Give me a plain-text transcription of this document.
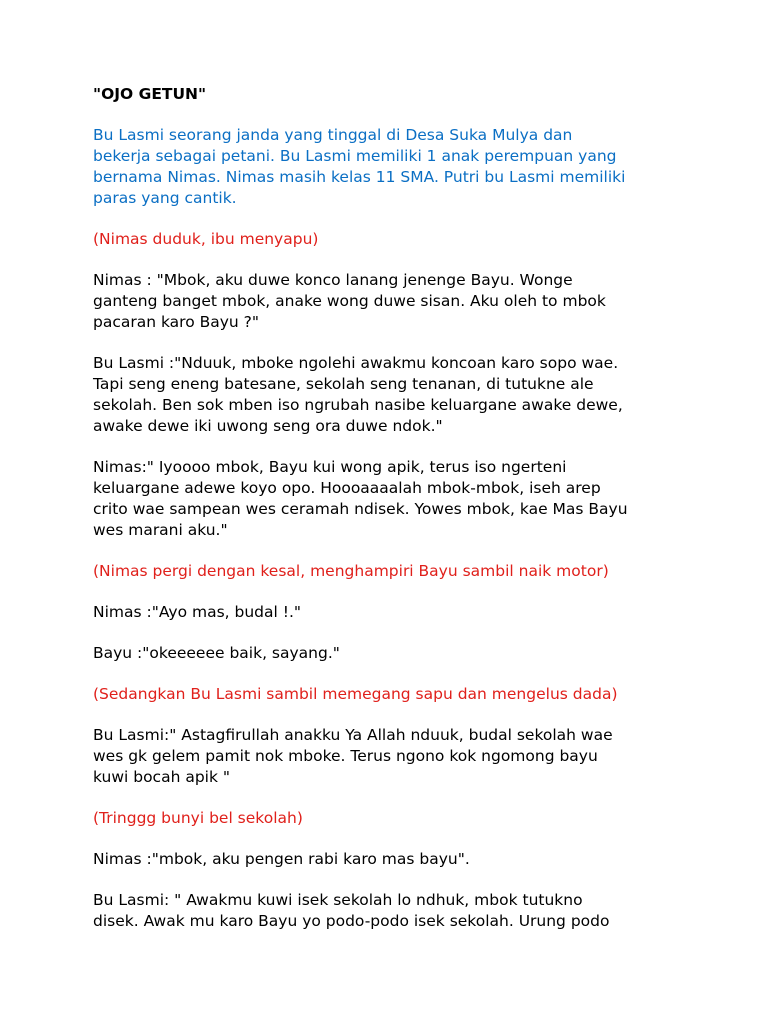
"OJO GETUN"
Bu Lasmi seorang janda yang tinggal di Desa Suka Mulya dan
bekerja sebagai petani. Bu Lasmi memiliki 1 anak perempuan yang
bernama Nimas. Nimas masih kelas 11 SMA. Putri bu Lasmi memiliki
paras yang cantik.
(Nimas duduk, ibu menyapu)
Nimas : "Mbok, aku duwe konco lanang jenenge Bayu. Wonge
ganteng banget mbok, anake wong duwe sisan. Aku oleh to mbok
pacaran karo Bayu ?"
Bu Lasmi :"Nduuk, mboke ngolehi awakmu koncoan karo sopo wae.
Tapi seng eneng batesane, sekolah seng tenanan, di tutukne ale
sekolah. Ben sok mben iso ngrubah nasibe keluargane awake dewe,
awake dewe iki uwong seng ora duwe ndok."
Nimas:" Iyoooo mbok, Bayu kui wong apik, terus iso ngerteni
keluargane adewe koyo opo. Hoooaaaalah mbok-mbok, iseh arep
crito wae sampean wes ceramah ndisek. Yowes mbok, kae Mas Bayu
wes marani aku."
(Nimas pergi dengan kesal, menghampiri Bayu sambil naik motor)
Nimas :"Ayo mas, budal !."
Bayu :"okeeeeee baik, sayang."
(Sedangkan Bu Lasmi sambil memegang sapu dan mengelus dada)
Bu Lasmi:" Astagfirullah anakku Ya Allah nduuk, budal sekolah wae
wes gk gelem pamit nok mboke. Terus ngono kok ngomong bayu
kuwi bocah apik "
(Tringgg bunyi bel sekolah)
Nimas :"mbok, aku pengen rabi karo mas bayu".
Bu Lasmi: " Awakmu kuwi isek sekolah lo ndhuk, mbok tutukno
disek. Awak mu karo Bayu yo podo-podo isek sekolah. Urung podo
